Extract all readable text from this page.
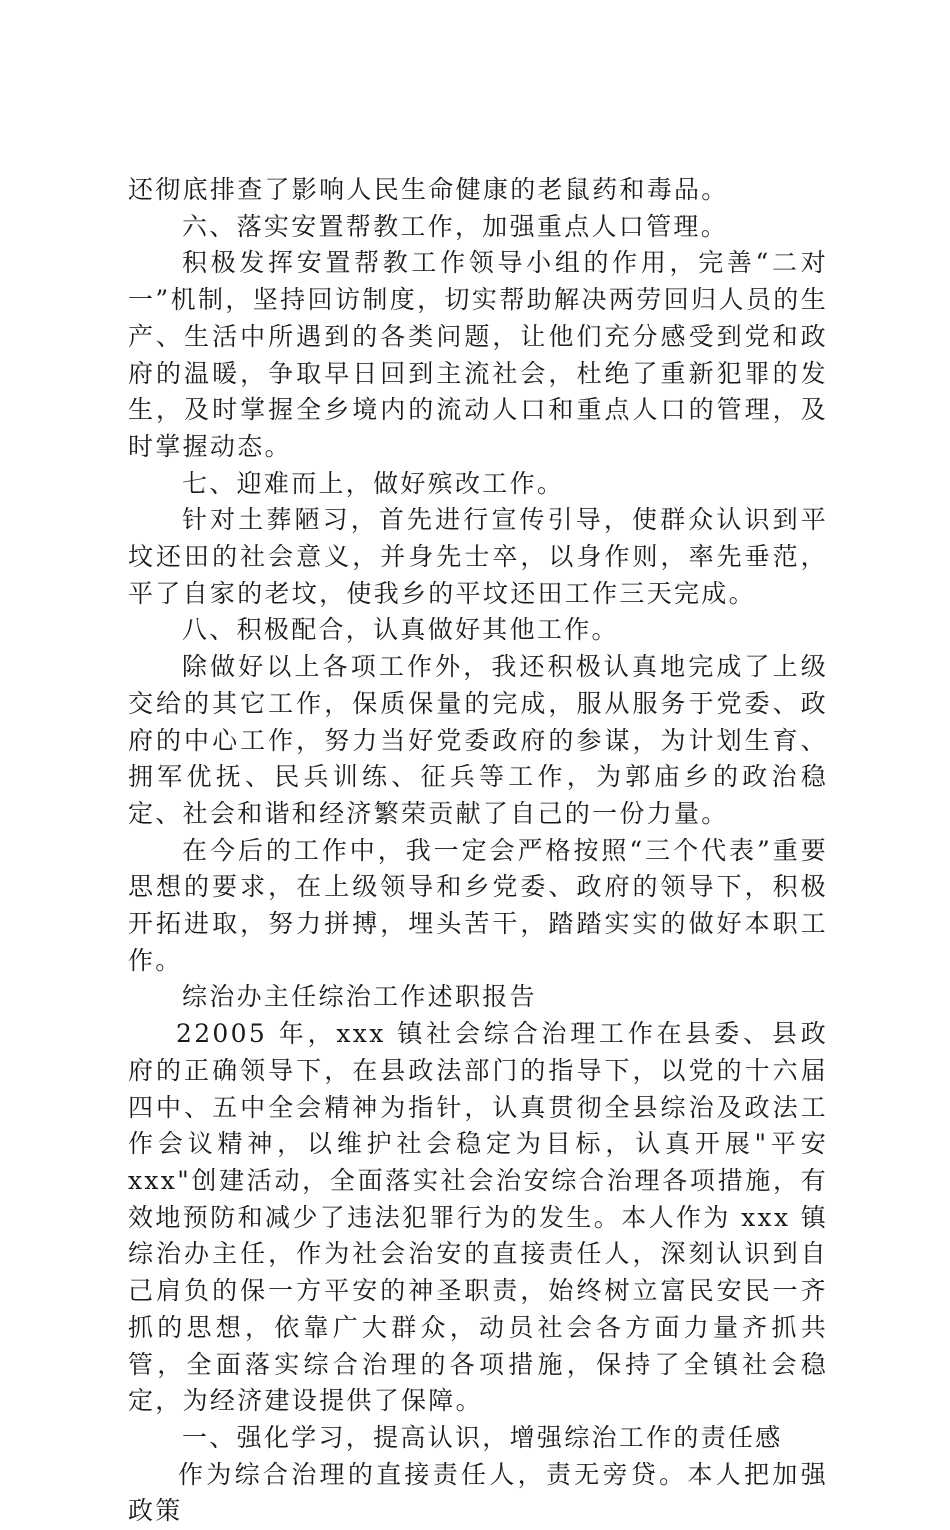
还彻底排查了影响人民生命健康的老鼠药和毒品。

六、落实安置帮教工作，加强重点人口管理。

积极发挥安置帮教工作领导小组的作用，完善“二对一”机制，坚持回访制度，切实帮助解决两劳回归人员的生产、生活中所遇到的各类问题，让他们充分感受到党和政府的温暖，争取早日回到主流社会，杜绝了重新犯罪的发生，及时掌握全乡境内的流动人口和重点人口的管理，及时掌握动态。

七、迎难而上，做好殡改工作。

针对土葬陋习，首先进行宣传引导，使群众认识到平坟还田的社会意义，并身先士卒，以身作则，率先垂范，平了自家的老坟，使我乡的平坟还田工作三天完成。

八、积极配合，认真做好其他工作。

除做好以上各项工作外，我还积极认真地完成了上级交给的其它工作，保质保量的完成，服从服务于党委、政府的中心工作，努力当好党委政府的参谋，为计划生育、拥军优抚、民兵训练、征兵等工作，为郭庙乡的政治稳定、社会和谐和经济繁荣贡献了自己的一份力量。

在今后的工作中，我一定会严格按照“三个代表”重要思想的要求，在上级领导和乡党委、政府的领导下，积极开拓进取，努力拼搏，埋头苦干，踏踏实实的做好本职工作。

综治办主任综治工作述职报告

22005 年，xxx 镇社会综合治理工作在县委、县政府的正确领导下，在县政法部门的指导下，以党的十六届四中、五中全会精神为指针，认真贯彻全县综治及政法工作会议精神，以维护社会稳定为目标，认真开展"平安 xxx"创建活动，全面落实社会治安综合治理各项措施，有效地预防和减少了违法犯罪行为的发生。本人作为 xxx 镇综治办主任，作为社会治安的直接责任人，深刻认识到自己肩负的保一方平安的神圣职责，始终树立富民安民一齐抓的思想，依靠广大群众，动员社会各方面力量齐抓共管，全面落实综合治理的各项措施，保持了全镇社会稳定，为经济建设提供了保障。

一、强化学习，提高认识，增强综治工作的责任感

作为综合治理的直接责任人，责无旁贷。本人把加强政策
